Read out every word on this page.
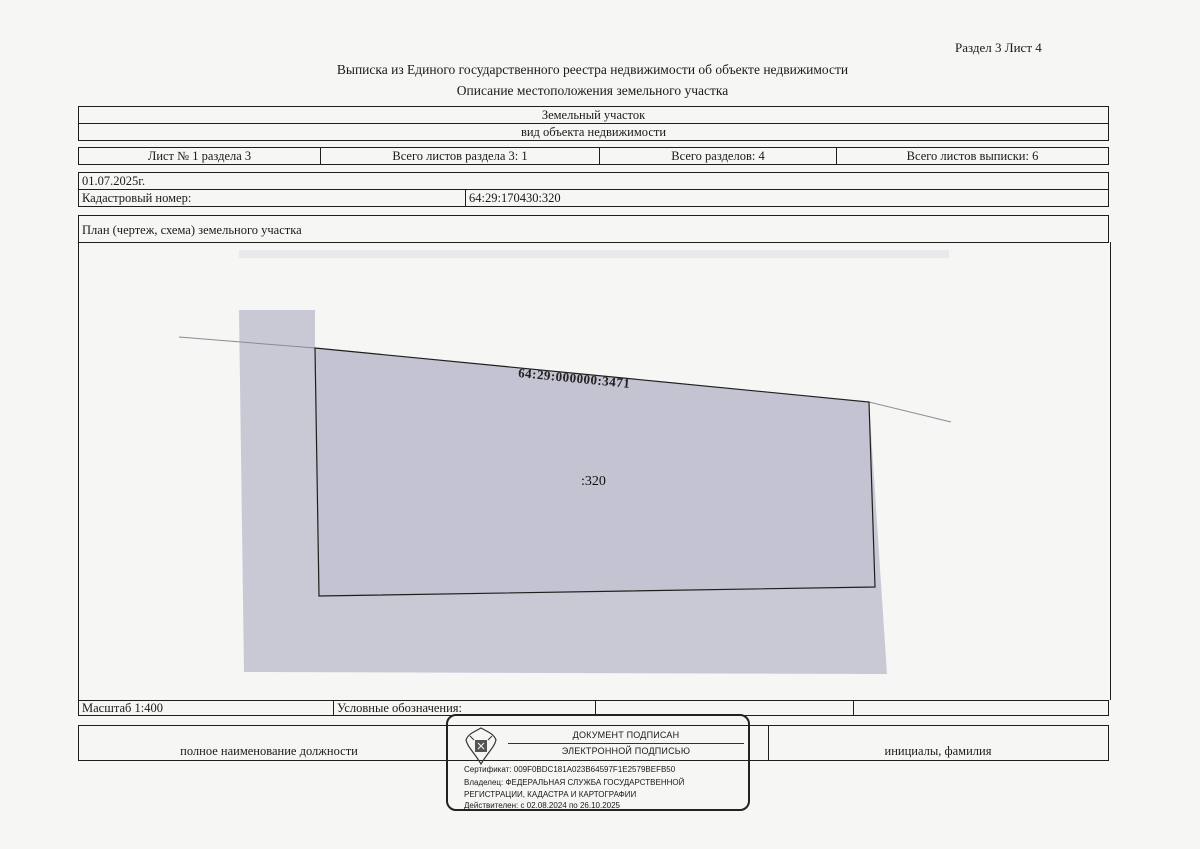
Раздел 3 Лист 4
Выписка из Единого государственного реестра недвижимости об объекте недвижимости
Описание местоположения земельного участка
Земельный участок
вид объекта недвижимости
Лист № 1 раздела 3	Всего листов раздела 3: 1	Всего разделов: 4	Всего листов выписки: 6
01.07.2025г.
Кадастровый номер:	64:29:170430:320
План (чертеж, схема) земельного участка
64:29:000000:3471
:320
Масштаб 1:400	Условные обозначения:
полное наименование должности	инициалы, фамилия
ДОКУМЕНТ ПОДПИСАН
ЭЛЕКТРОННОЙ ПОДПИСЬЮ
Сертификат: 009F0BDC181A023B64597F1E2579BEFB50
Владелец: ФЕДЕРАЛЬНАЯ СЛУЖБА ГОСУДАРСТВЕННОЙ
РЕГИСТРАЦИИ, КАДАСТРА И КАРТОГРАФИИ
Действителен: с 02.08.2024 по 26.10.2025
